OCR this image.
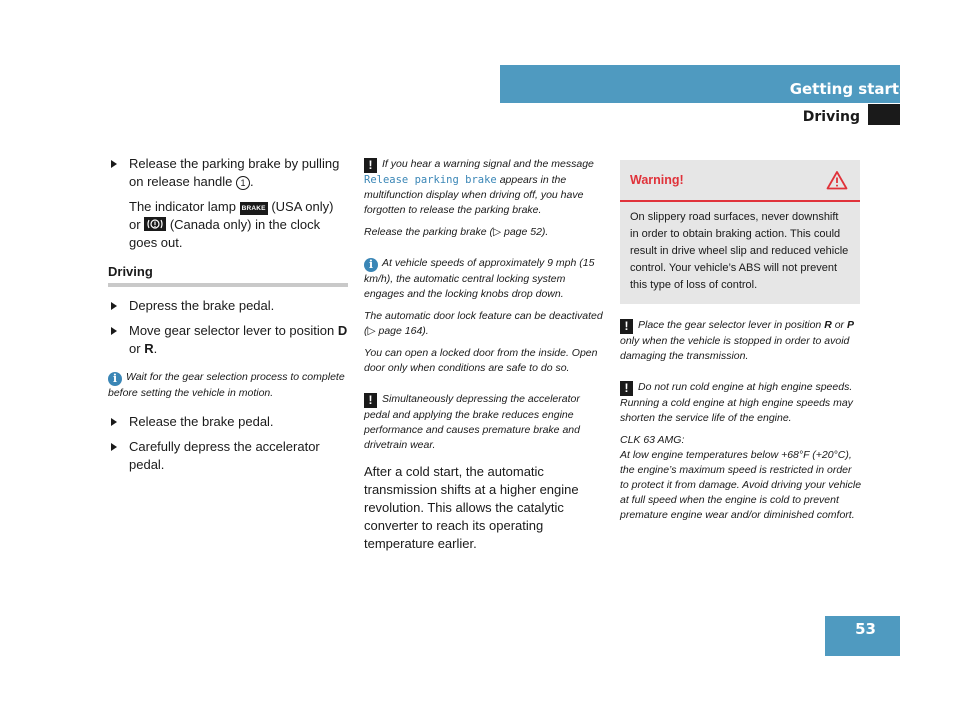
Getting started
Driving
Release the parking brake by pulling on release handle 1 .
The indicator lamp BRAKE (USA only)
or (Canada only) in the clock goes out.
Driving
Depress the brake pedal.
Move gear selector lever to position D or R.
i Wait for the gear selection process to complete before setting the vehicle in motion.
Release the brake pedal.
Carefully depress the accelerator pedal.
! If you hear a warning signal and the message Release parking brake appears in the multifunction display when driving off, you have forgotten to release the parking brake.
Release the parking brake (▷ page 52).
i At vehicle speeds of approximately 9 mph (15 km/h), the automatic central locking system engages and the locking knobs drop down.
The automatic door lock feature can be deactivated (▷ page 164).
You can open a locked door from the inside. Open door only when conditions are safe to do so.
! Simultaneously depressing the accelerator pedal and applying the brake reduces engine performance and causes premature brake and drivetrain wear.
After a cold start, the automatic transmission shifts at a higher engine revolution. This allows the catalytic converter to reach its operating temperature earlier.
Warning!
On slippery road surfaces, never downshift in order to obtain braking action. This could result in drive wheel slip and reduced vehicle control. Your vehicle’s ABS will not prevent this type of loss of control.
! Place the gear selector lever in position R or P only when the vehicle is stopped in order to avoid damaging the transmission.
! Do not run cold engine at high engine speeds. Running a cold engine at high engine speeds may shorten the service life of the engine.
CLK 63 AMG:
At low engine temperatures below +68°F (+20°C), the engine’s maximum speed is restricted in order to protect it from damage. Avoid driving your vehicle at full speed when the engine is cold to prevent premature engine wear and/or diminished comfort.
53
